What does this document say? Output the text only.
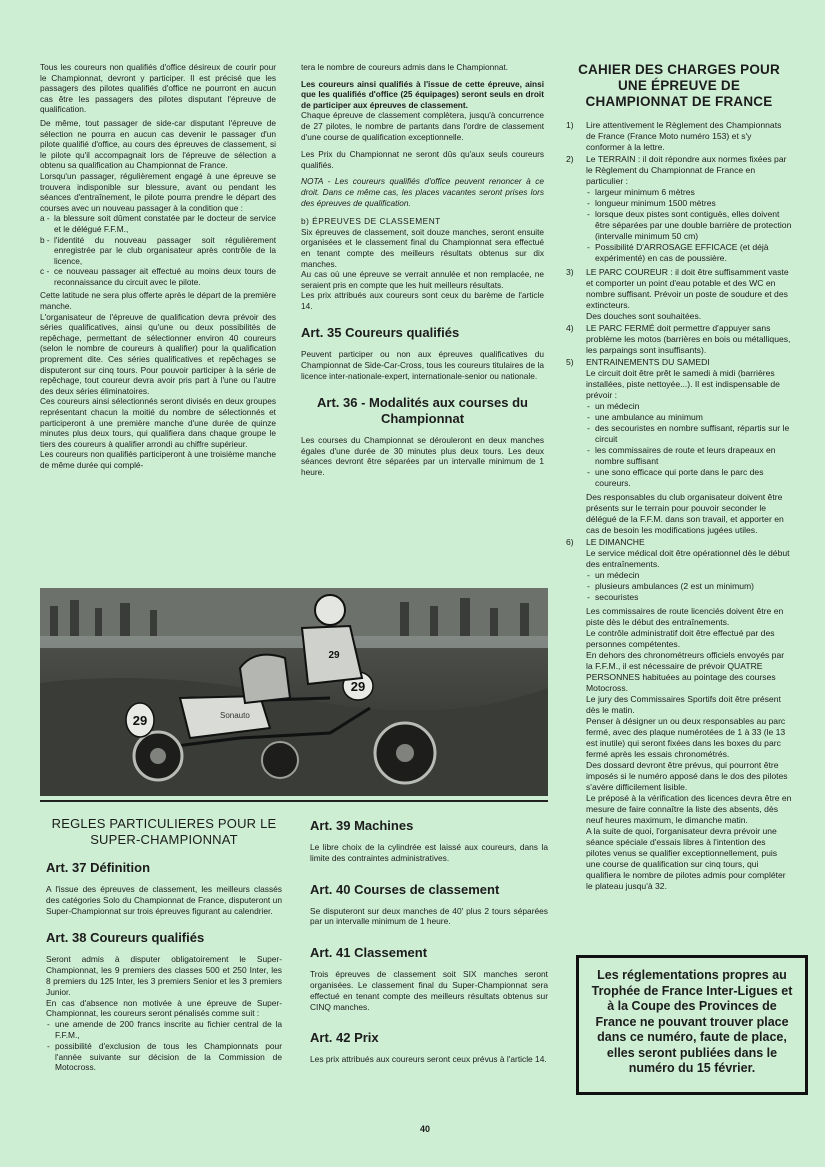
Tous les coureurs non qualifiés d'office désireux de courir pour le Championnat, devront y participer. Il est précisé que les passagers des pilotes qualifiés d'office ne pourront en aucun cas être les passagers des pilotes disputant l'épreuve de qualification.

De même, tout passager de side-car disputant l'épreuve de sélection ne pourra en aucun cas devenir le passager d'un pilote qualifié d'office, au cours des épreuves de classement, si le pilote qu'il accompagnait lors de l'épreuve de sélection a obtenu sa qualification au Championnat de France.

Lorsqu'un passager, régulièrement engagé à une épreuve se trouvera indisponible sur blessure, avant ou pendant les séances d'entraînement, le pilote pourra prendre le départ des courses avec un nouveau passager à la condition que :

a - la blessure soit dûment constatée par le docteur de service et le délégué F.F.M.,
b - l'identité du nouveau passager soit régulièrement enregistrée par le club organisateur après contrôle de la licence,
c - ce nouveau passager ait effectué au moins deux tours de reconnaissance du circuit avec le pilote.

Cette latitude ne sera plus offerte après le départ de la première manche.

L'organisateur de l'épreuve de qualification devra prévoir des séries qualificatives, ainsi qu'une ou deux possibilités de repêchage, permettant de sélectionner environ 40 coureurs (selon le nombre de coureurs à qualifier) pour la qualification proprement dite. Ces séries qualificatives et repêchages se disputeront sur cinq tours. Pour pouvoir participer à la série de repêchage, tout coureur devra avoir pris part à l'une ou l'autre des deux séries éliminatoires.

Ces coureurs ainsi sélectionnés seront divisés en deux groupes représentant chacun la moitié du nombre de sélectionnés et participeront à une première manche d'une durée de quinze minutes plus deux tours, qui qualifiera dans chaque groupe le tiers des coureurs à qualifier arrondi au chiffre supérieur.

Les coureurs non qualifiés participeront à une troisième manche de même durée qui complé-

tera le nombre de coureurs admis dans le Championnat.

Les coureurs ainsi qualifiés à l'issue de cette épreuve, ainsi que les qualifiés d'office (25 équipages) seront seuls en droit de participer aux épreuves de classement.

Chaque épreuve de classement complètera, jusqu'à concurrence de 27 pilotes, le nombre de partants dans l'ordre de classement d'une course de qualification exceptionnelle.

Les Prix du Championnat ne seront dûs qu'aux seuls coureurs qualifiés.

NOTA - Les coureurs qualifiés d'office peuvent renoncer à ce droit. Dans ce même cas, les places vacantes seront prises lors des épreuves de qualification.

b) ÉPREUVES DE CLASSEMENT

Six épreuves de classement, soit douze manches, seront ensuite organisées et le classement final du Championnat sera effectué en tenant compte des meilleurs résultats obtenus sur dix manches.

Au cas où une épreuve se verrait annulée et non remplacée, ne seraient pris en compte que les huit meilleurs résultats.

Les prix attribués aux coureurs sont ceux du barème de l'article 14.

Art. 35 Coureurs qualifiés

Peuvent participer ou non aux épreuves qualificatives du Championnat de Side-Car-Cross, tous les coureurs titulaires de la licence inter-nationale-expert, internationale-senior ou nationale.

Art. 36 - Modalités aux courses du Championnat

Les courses du Championnat se dérouleront en deux manches égales d'une durée de 30 minutes plus deux tours. Les deux séances devront être séparées par un intervalle minimum de 1 heure.

CAHIER DES CHARGES POUR UNE ÉPREUVE DE CHAMPIONNAT DE FRANCE
1) Lire attentivement le Règlement des Championnats de France (France Moto numéro 153) et s'y conformer à la lettre.
2) Le TERRAIN : il doit répondre aux normes fixées par le Règlement du Championnat de France en particulier :
- largeur minimum 6 mètres
- longueur minimum 1500 mètres
- lorsque deux pistes sont contiguës, elles doivent être séparées par une double barrière de protection (intervalle minimum 50 cm)
- Possibilité D'ARROSAGE EFFICACE (et déjà expérimenté) en cas de poussière.
3) LE PARC COUREUR : il doit être suffisamment vaste et comporter un point d'eau potable et des WC en nombre suffisant. Prévoir un poste de soudure et des extincteurs.
Des douches sont souhaitées.
4) LE PARC FERMÉ doit permettre d'appuyer sans problème les motos (barrières en bois ou métalliques, les parpaings sont insuffisants).
5) ENTRAINEMENTS DU SAMEDI
Le circuit doit être prêt le samedi à midi (barrières installées, piste nettoyée...). Il est indispensable de prévoir :
- un médecin
- une ambulance au minimum
- des secouristes en nombre suffisant, répartis sur le circuit
- les commissaires de route et leurs drapeaux en nombre suffisant
- une sono efficace qui porte dans le parc des coureurs.
Des responsables du club organisateur doivent être présents sur le terrain pour pouvoir seconder le délégué de la F.F.M. dans son travail, et apporter en cas de besoin les modifications jugées utiles.
6) LE DIMANCHE
Le service médical doit être opérationnel dès le début des entraînements.
- un médecin
- plusieurs ambulances (2 est un minimum)
- secouristes
Les commissaires de route licenciés doivent être en piste dès le début des entraînements.
Le contrôle administratif doit être effectué par des personnes compétentes.
En dehors des chronométreurs officiels envoyés par la F.F.M., il est nécessaire de prévoir QUATRE PERSONNES habituées au pointage des courses Motocross.
Le jury des Commissaires Sportifs doit être présent dès le matin.
Penser à désigner un ou deux responsables au parc fermé, avec des plaque numérotées de 1 à 33 (le 13 est inutile) qui seront fixées dans les boxes du parc fermé après les essais chronométrés.
Des dossard devront être prévus, qui pourront être imposés si le numéro apposé dans le dos des pilotes s'avère difficilement lisible.
Le préposé à la vérification des licences devra être en mesure de faire connaître la liste des absents, dès neuf heures maximum, le dimanche matin.
A la suite de quoi, l'organisateur devra prévoir une séance spéciale d'essais libres à l'intention des pilotes venus se qualifier exceptionnellement, puis une course de qualification sur cinq tours, qui qualifiera le nombre de pilotes admis pour compléter le plateau jusqu'à 32.
29
29
Sonauto
29
REGLES PARTICULIERES POUR LE SUPER-CHAMPIONNAT
Art. 37 Définition

A l'issue des épreuves de classement, les meilleurs classés des catégories Solo du Championnat de France, disputeront un Super-Championnat sur trois épreuves figurant au calendrier.

Art. 38 Coureurs qualifiés

Seront admis à disputer obligatoirement le Super-Championnat, les 9 premiers des classes 500 et 250 Inter, les 8 premiers du 125 Inter, les 3 premiers Senior et les 3 premiers Junior.

En cas d'absence non motivée à une épreuve de Super-Championnat, les coureurs seront pénalisés comme suit :

- une amende de 200 francs inscrite au fichier central de la F.F.M.,
- possibilité d'exclusion de tous les Championnats pour l'année suivante sur décision de la Commission de Motocross.
Art. 39 Machines

Le libre choix de la cylindrée est laissé aux coureurs, dans la limite des contraintes administratives.

Art. 40 Courses de classement

Se disputeront sur deux manches de 40' plus 2 tours séparées par un intervalle minimum de 1 heure.

Art. 41 Classement

Trois épreuves de classement soit SIX manches seront organisées. Le classement final du Super-Championnat sera effectué en tenant compte des meilleurs résultats obtenus sur CINQ manches.

Art. 42 Prix

Les prix attribués aux coureurs seront ceux prévus à l'article 14.

Les réglementations propres au Trophée de France Inter-Ligues et à la Coupe des Provinces de France ne pouvant trouver place dans ce numéro, faute de place, elles seront publiées dans le numéro du 15 février.
40
